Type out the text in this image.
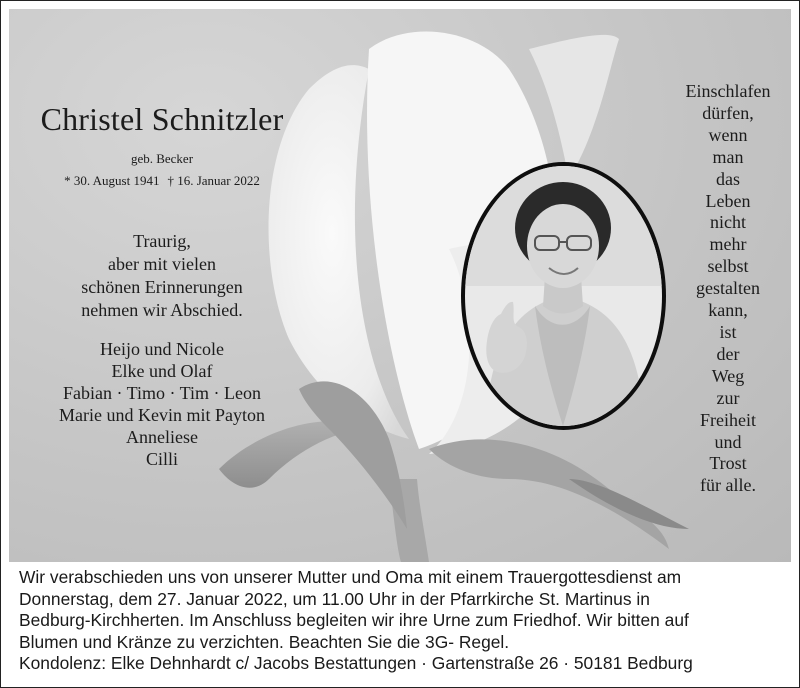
Christel Schnitzler
geb. Becker
* 30. August 1941 † 16. Januar 2022
Traurig,
aber mit vielen
schönen Erinnerungen
nehmen wir Abschied.
Heijo und Nicole
Elke und Olaf
Fabian · Timo · Tim · Leon
Marie und Kevin mit Payton
Anneliese
Cilli
Einschlafen
dürfen,
wenn
man
das
Leben
nicht
mehr
selbst
gestalten
kann,
ist
der
Weg
zur
Freiheit
und
Trost
für alle.
Wir verabschieden uns von unserer Mutter und Oma mit einem Trauergottesdienst am
Donnerstag, dem 27. Januar 2022, um 11.00 Uhr in der Pfarrkirche St. Martinus in
Bedburg-Kirchherten. Im Anschluss begleiten wir ihre Urne zum Friedhof. Wir bitten auf
Blumen und Kränze zu verzichten. Beachten Sie die 3G- Regel.
Kondolenz: Elke Dehnhardt c/ Jacobs Bestattungen · Gartenstraße 26 · 50181 Bedburg
